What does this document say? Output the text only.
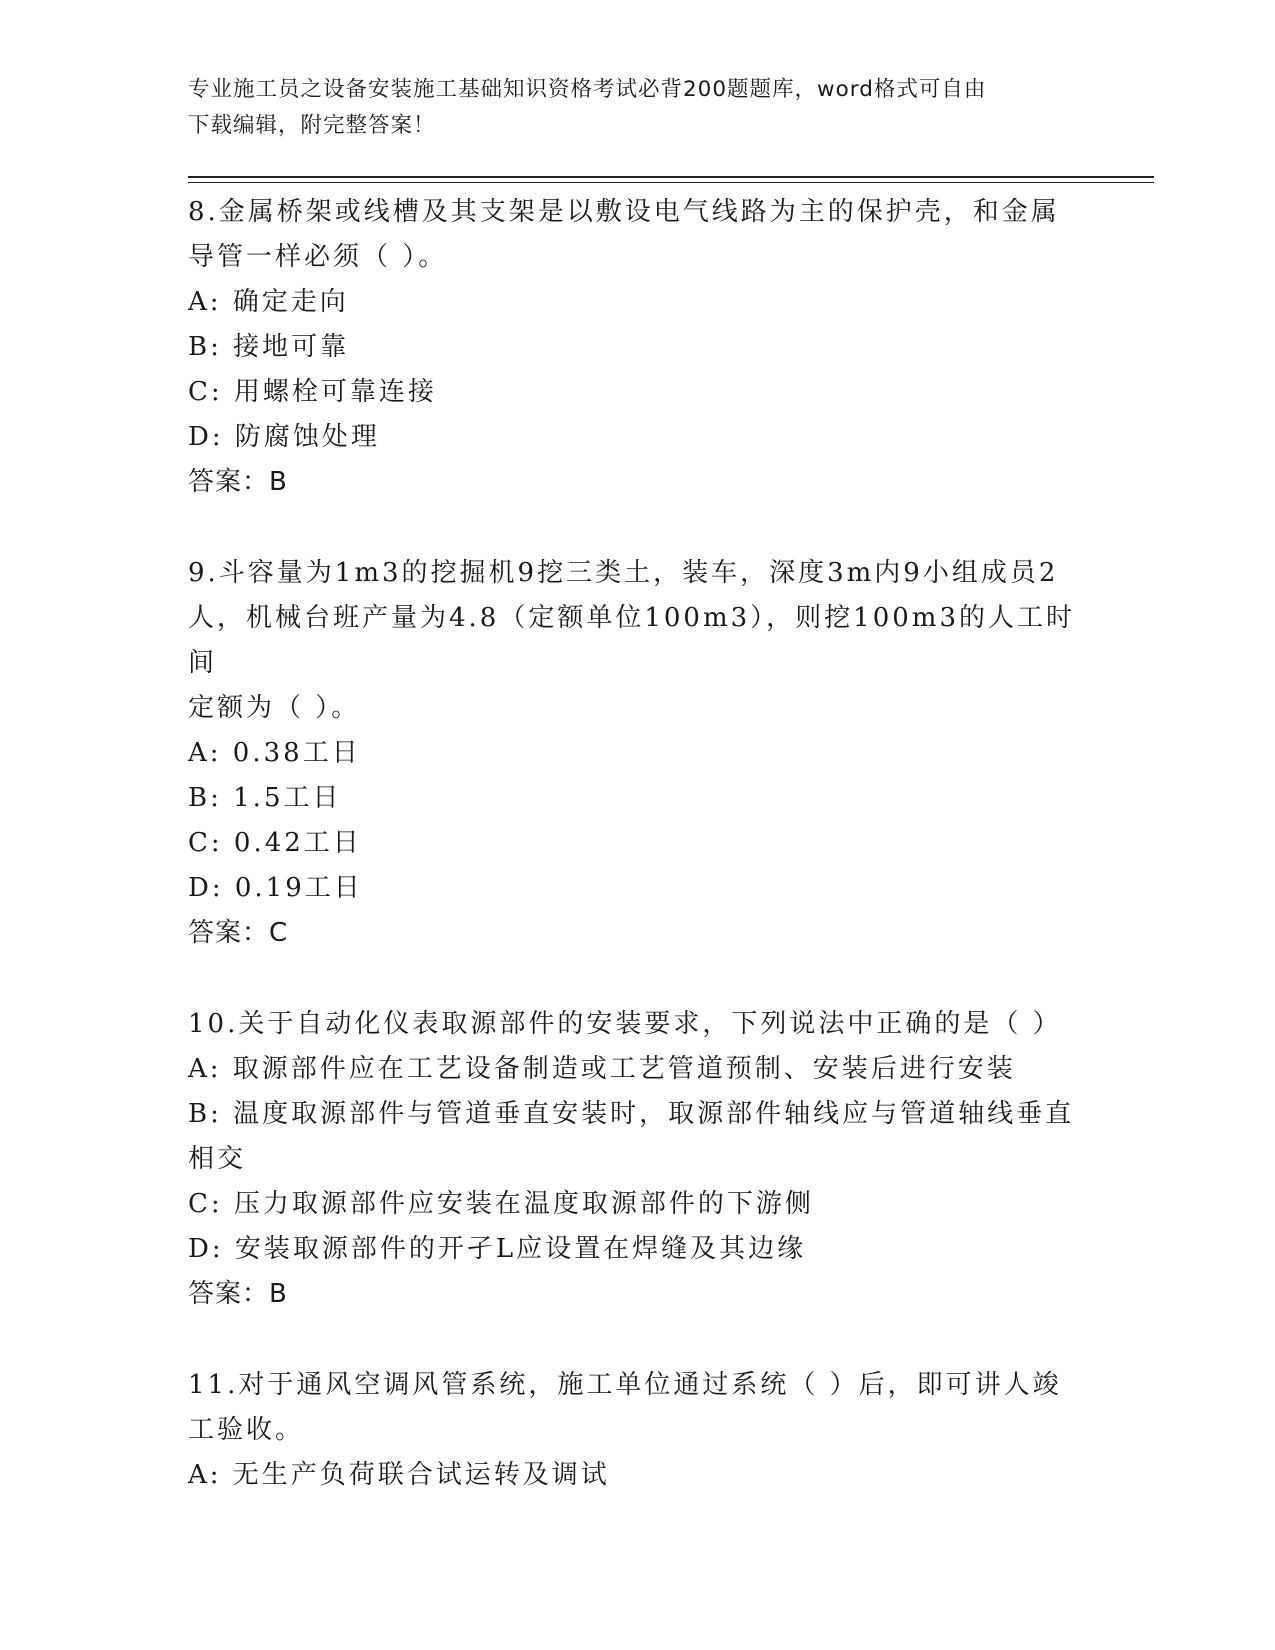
专业施工员之设备安装施工基础知识资格考试必背200题题库，word格式可自由
下载编辑，附完整答案！

8.金属桥架或线槽及其支架是以敷设电气线路为主的保护壳，和金属

导管一样必须（ ）。

A: 确定走向

B: 接地可靠

C: 用螺栓可靠连接

D: 防腐蚀处理

答案：B

9.斗容量为1m3的挖掘机9挖三类土，装车，深度3m内9小组成员2

人，机械台班产量为4.8（定额单位100m3），则挖100m3的人工时间

定额为（ ）。

A: 0.38工日

B: 1.5工日

C: 0.42工日

D: 0.19工日

答案：C

10.关于自动化仪表取源部件的安装要求，下列说法中正确的是（ ）

A: 取源部件应在工艺设备制造或工艺管道预制、安装后进行安装

B: 温度取源部件与管道垂直安装时，取源部件轴线应与管道轴线垂直

相交

C: 压力取源部件应安装在温度取源部件的下游侧

D: 安装取源部件的开孑L应设置在焊缝及其边缘

答案：B

11.对于通风空调风管系统，施工单位通过系统（ ）后，即可讲人竣

工验收。

A: 无生产负荷联合试运转及调试
